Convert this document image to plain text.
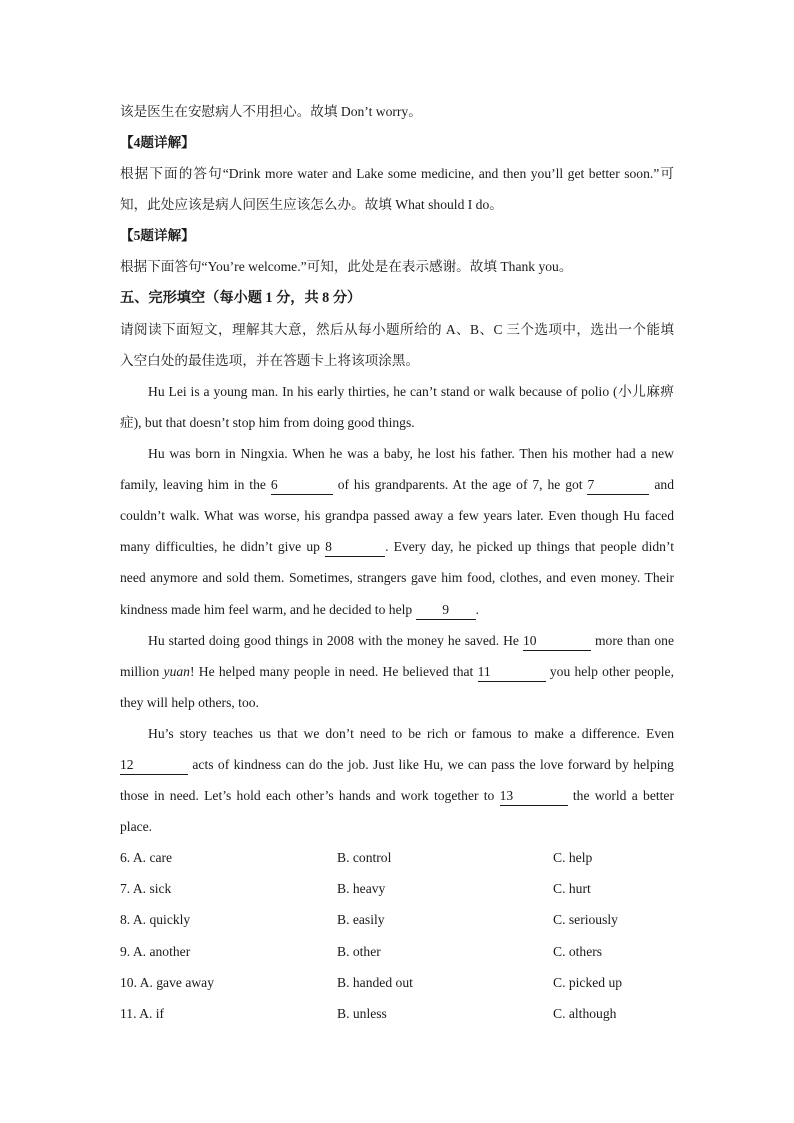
该是医生在安慰病人不用担心。故填 Don’t worry。
【4题详解】
根据下面的答句“Drink more water and Lake some medicine, and then you’ll get better soon.”可
知，此处应该是病人问医生应该怎么办。故填 What should I do。
【5题详解】
根据下面答句“You’re welcome.”可知，此处是在表示感谢。故填 Thank you。
五、完形填空（每小题 1 分，共 8 分）
请阅读下面短文，理解其大意，然后从每小题所给的 A、B、C 三个选项中，选出一个能填
入空白处的最佳选项，并在答题卡上将该项涂黑。
Hu Lei is a young man. In his early thirties, he can’t stand or walk because of polio (小儿麻痹
症), but that doesn’t stop him from doing good things.
Hu was born in Ningxia. When he was a baby, he lost his father. Then his mother had a new
family, leaving him in the 6	of his grandparents. At the age of 7, he got 7	and
couldn’t walk. What was worse, his grandpa passed away a few years later. Even though Hu faced
many difficulties, he didn’t give up 8	. Every day, he picked up things that people didn’t
need anymore and sold them. Sometimes, strangers gave him food, clothes, and even money. Their
kindness made him feel warm, and he decided to help 9 .
Hu started doing good things in 2008 with the money he saved. He 10	more than one
million yuan! He helped many people in need. He believed that 11	you help other people,
they will help others, too.
Hu’s story teaches us that we don’t need to be rich or famous to make a difference. Even
12	acts of kindness can do the job. Just like Hu, we can pass the love forward by helping
those in need. Let’s hold each other’s hands and work together to 13	the world a better
place.
6. A. care	B. control	C. help
7. A. sick	B. heavy	C. hurt
8. A. quickly	B. easily	C. seriously
9. A. another	B. other	C. others
10. A. gave away	B. handed out	C. picked up
11. A. if	B. unless	C. although
